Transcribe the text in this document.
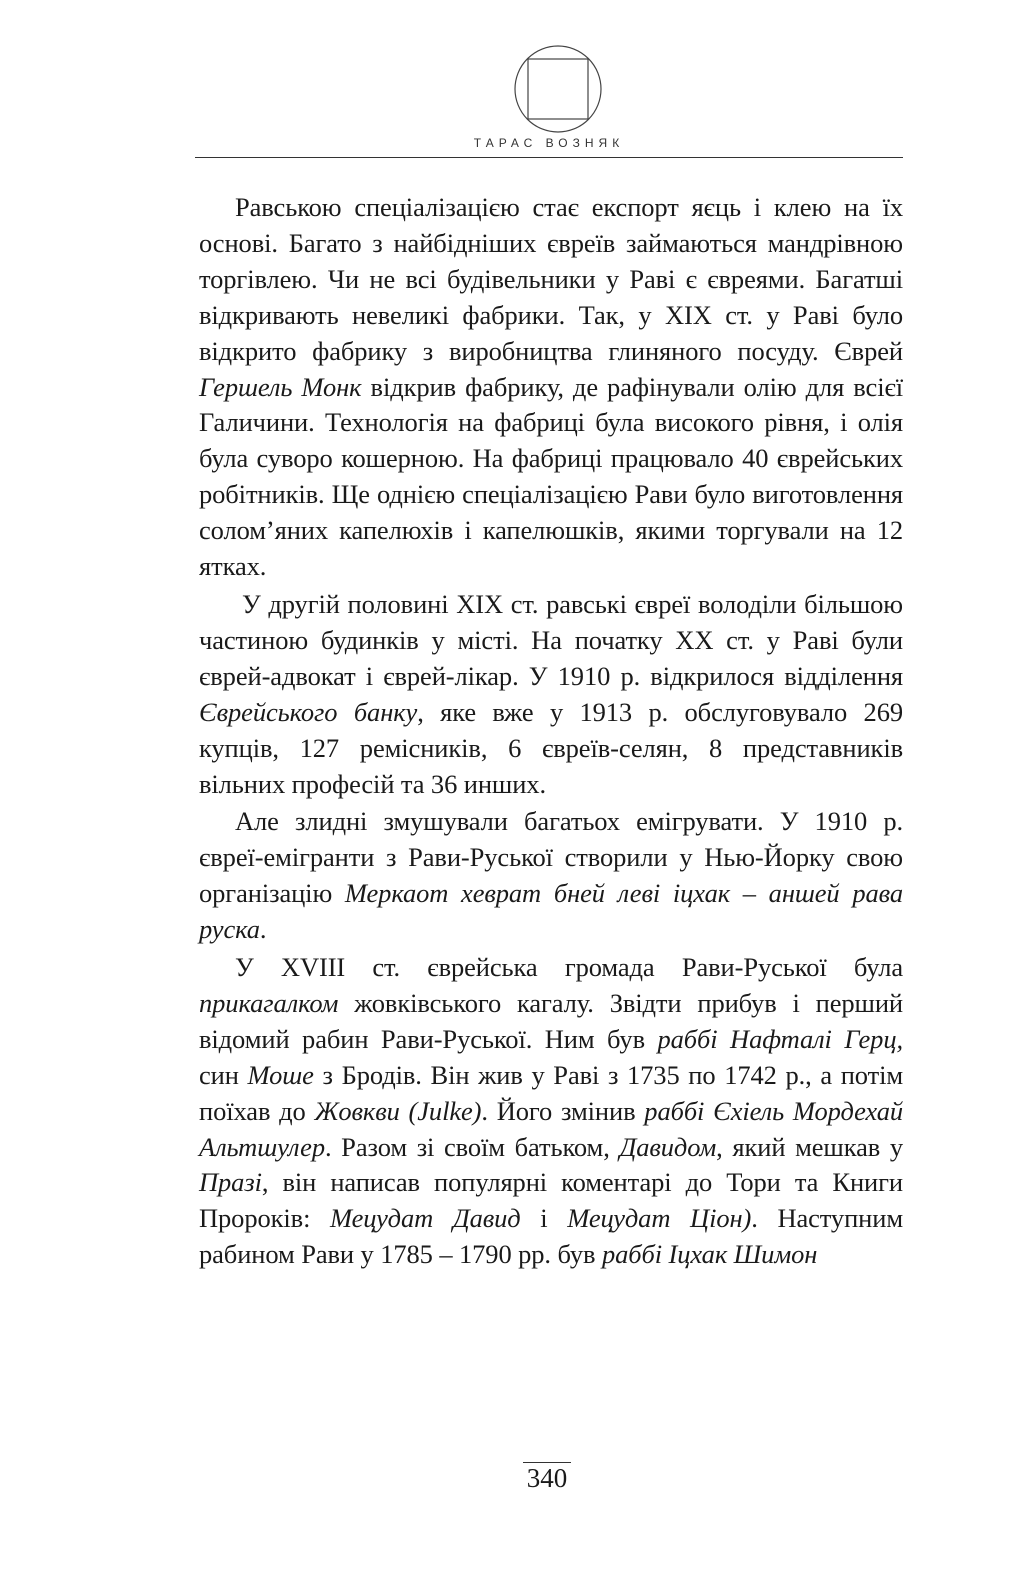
ТАРАС ВОЗНЯК

Равською спеціалізацією стає експорт яєць і клею на їх основі. Багато з найбідніших євреїв займаються мандрівною торгівлею. Чи не всі будівельники у Раві є євреями. Багатші відкривають невеликі фабрики. Так, у XIX ст. у Раві було відкрито фабрику з виробництва глиняного посуду. Єврей Гершель Монк відкрив фабрику, де рафінували олію для всієї Галичини. Технологія на фабриці була високого рівня, і олія була суворо кошерною. На фабриці працювало 40 єврейських робітників. Ще однією спеціалізацією Рави було виготовлення солом’яних капелюхів і капелюшків, якими торгували на 12 ятках.

У другій половині XIX ст. равські євреї володіли більшою частиною будинків у місті. На початку XX ст. у Раві були єврей-адвокат і єврей-лікар. У 1910 р. відкрилося відділення Єврейського банку, яке вже у 1913 р. обслуговувало 269 купців, 127 ремісників, 6 євреїв-селян, 8 представників вільних професій та 36 инших.

Але злидні змушували багатьох емігрувати. У 1910 р. євреї-емігранти з Рави-Руської створили у Нью-Йорку свою організацію Меркаот хеврат бней леві іцхак – аншей рава руска.

У XVIII ст. єврейська громада Рави-Руської була прикагалком жовківського кагалу. Звідти прибув і перший відомий рабин Рави-Руської. Ним був раббі Нафталі Герц, син Моше з Бродів. Він жив у Раві з 1735 по 1742 р., а потім поїхав до Жовкви (Julke). Його змінив раббі Єхіель Мордехай Альтшулер. Разом зі своїм батьком, Давидом, який мешкав у Празі, він написав популярні коментарі до Тори та Книги Пророків: Мецудат Давид і Мецудат Ціон). Наступним рабином Рави у 1785 – 1790 рр. був раббі Іцхак Шимон

340
